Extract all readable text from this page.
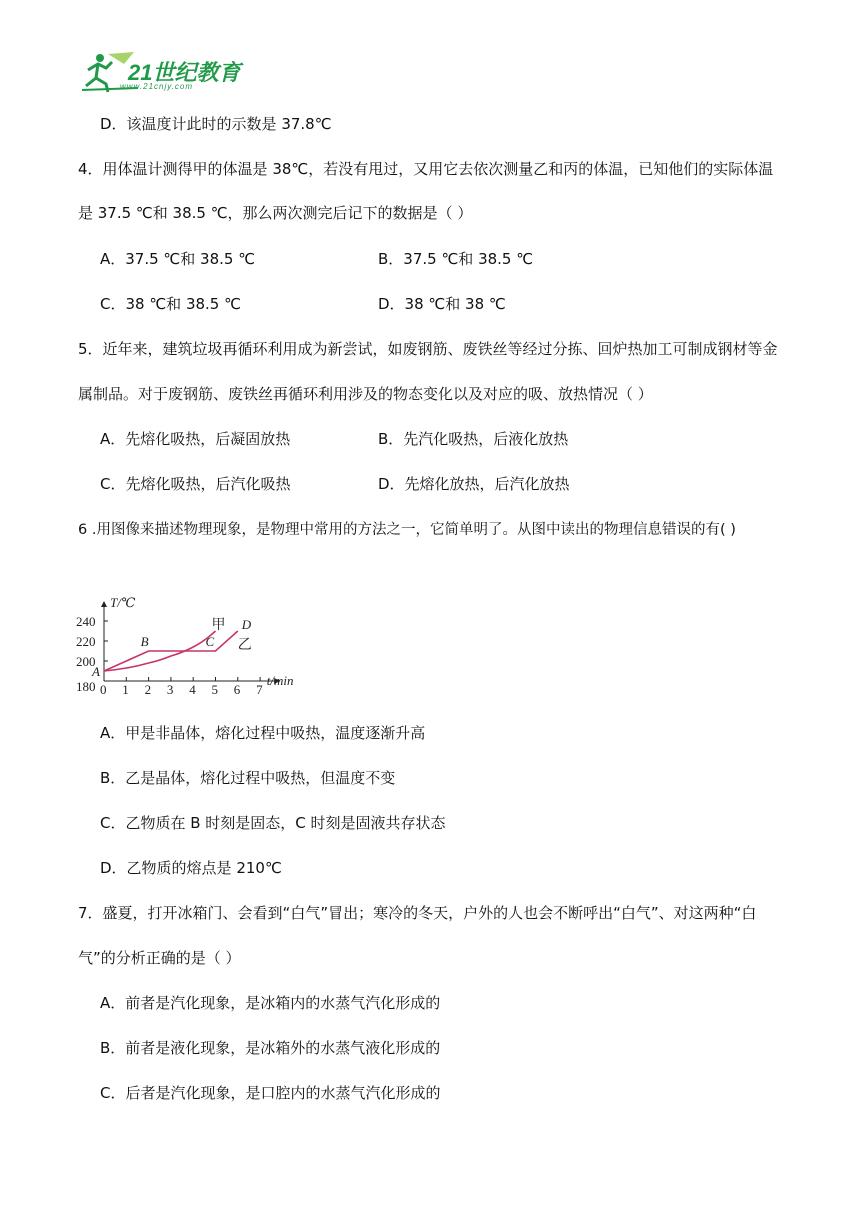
21世纪教育
www.21cnjy.com
D．该温度计此时的示数是 37.8℃
4．用体温计测得甲的体温是 38℃，若没有甩过，又用它去依次测量乙和丙的体温，已知他们的实际体温
是 37.5 ℃和 38.5 ℃，那么两次测完后记下的数据是（ ）
A．37.5 ℃和 38.5 ℃	B．37.5 ℃和 38.5 ℃
C．38 ℃和 38.5 ℃	D．38 ℃和 38 ℃
5．近年来，建筑垃圾再循环利用成为新尝试，如废钢筋、废铁丝等经过分拣、回炉热加工可制成钢材等金
属制品。对于废钢筋、废铁丝再循环利用涉及的物态变化以及对应的吸、放热情况（ ）
A．先熔化吸热，后凝固放热	B．先汽化吸热，后液化放热
C．先熔化吸热，后汽化吸热	D．先熔化放热，后汽化放热
6 .用图像来描述物理现象，是物理中常用的方法之一，它简单明了。从图中读出的物理信息错误的有( )
0 1 2 3 4 5 6 7
180
200
220
240
T/℃
t/min
甲
乙
A
B	C
D
A．甲是非晶体，熔化过程中吸热，温度逐渐升高
B．乙是晶体，熔化过程中吸热，但温度不变
C．乙物质在 B 时刻是固态，C 时刻是固液共存状态
D．乙物质的熔点是 210℃
7．盛夏，打开冰箱门、会看到“白气”冒出；寒冷的冬天，户外的人也会不断呼出“白气”、对这两种“白
气”的分析正确的是（ ）
A．前者是汽化现象，是冰箱内的水蒸气汽化形成的
B．前者是液化现象，是冰箱外的水蒸气液化形成的
C．后者是汽化现象，是口腔内的水蒸气汽化形成的
